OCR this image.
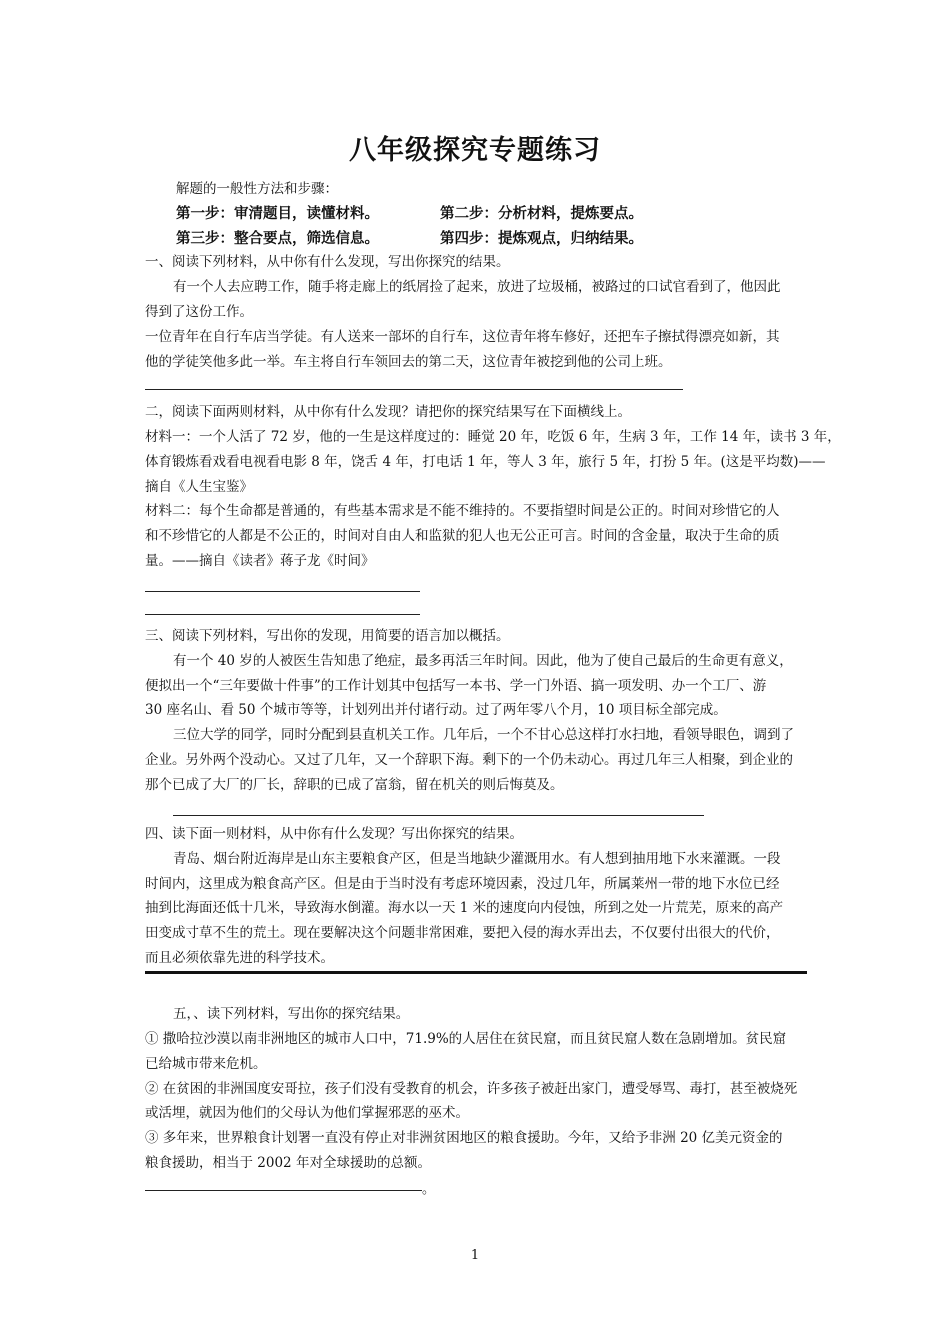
八年级探究专题练习
解题的一般性方法和步骤：
第一步：审清题目，读懂材料。	第二步：分析材料，提炼要点。
第三步：整合要点，筛选信息。	第四步：提炼观点，归纳结果。
一、阅读下列材料，从中你有什么发现，写出你探究的结果。
有一个人去应聘工作，随手将走廊上的纸屑捡了起来，放进了垃圾桶，被路过的口试官看到了，他因此
得到了这份工作。
一位青年在自行车店当学徒。有人送来一部坏的自行车，这位青年将车修好，还把车子擦拭得漂亮如新，其
他的学徒笑他多此一举。车主将自行车领回去的第二天，这位青年被挖到他的公司上班。
二，阅读下面两则材料，从中你有什么发现？请把你的探究结果写在下面横线上。
材料一：一个人活了 72 岁，他的一生是这样度过的：睡觉 20 年，吃饭 6 年，生病 3 年，工作 14 年，读书 3 年，
体育锻炼看戏看电视看电影 8 年，饶舌 4 年，打电话 1 年，等人 3 年，旅行 5 年，打扮 5 年。(这是平均数)——
摘自《人生宝鉴》
材料二：每个生命都是普通的，有些基本需求是不能不维持的。不要指望时间是公正的。时间对珍惜它的人
和不珍惜它的人都是不公正的，时间对自由人和监狱的犯人也无公正可言。时间的含金量，取决于生命的质
量。——摘自《读者》蒋子龙《时间》
三、阅读下列材料，写出你的发现，用简要的语言加以概括。
有一个 40 岁的人被医生告知患了绝症，最多再活三年时间。因此，他为了使自己最后的生命更有意义，
便拟出一个“三年要做十件事”的工作计划其中包括写一本书、学一门外语、搞一项发明、办一个工厂、游
30 座名山、看 50 个城市等等，计划列出并付诸行动。过了两年零八个月，10 项目标全部完成。
三位大学的同学，同时分配到县直机关工作。几年后，一个不甘心总这样打水扫地，看领导眼色，调到了
企业。另外两个没动心。又过了几年，又一个辞职下海。剩下的一个仍未动心。再过几年三人相聚，到企业的
那个已成了大厂的厂长，辞职的已成了富翁，留在机关的则后悔莫及。
四、读下面一则材料，从中你有什么发现？写出你探究的结果。
青岛、烟台附近海岸是山东主要粮食产区，但是当地缺少灌溉用水。有人想到抽用地下水来灌溉。一段
时间内，这里成为粮食高产区。但是由于当时没有考虑环境因素，没过几年，所属莱州一带的地下水位已经
抽到比海面还低十几米，导致海水倒灌。海水以一天 1 米的速度向内侵蚀，所到之处一片荒芜，原来的高产
田变成寸草不生的荒土。现在要解决这个问题非常困难，要把入侵的海水弄出去，不仅要付出很大的代价，
而且必须依靠先进的科学技术。
五，、读下列材料，写出你的探究结果。
① 撒哈拉沙漠以南非洲地区的城市人口中，71.9%的人居住在贫民窟，而且贫民窟人数在急剧增加。贫民窟
已给城市带来危机。
② 在贫困的非洲国度安哥拉，孩子们没有受教育的机会，许多孩子被赶出家门，遭受辱骂、毒打，甚至被烧死
或活埋，就因为他们的父母认为他们掌握邪恶的巫术。
③ 多年来，世界粮食计划署一直没有停止对非洲贫困地区的粮食援助。今年，又给予非洲 20 亿美元资金的
粮食援助，相当于 2002 年对全球援助的总额。
。
1
